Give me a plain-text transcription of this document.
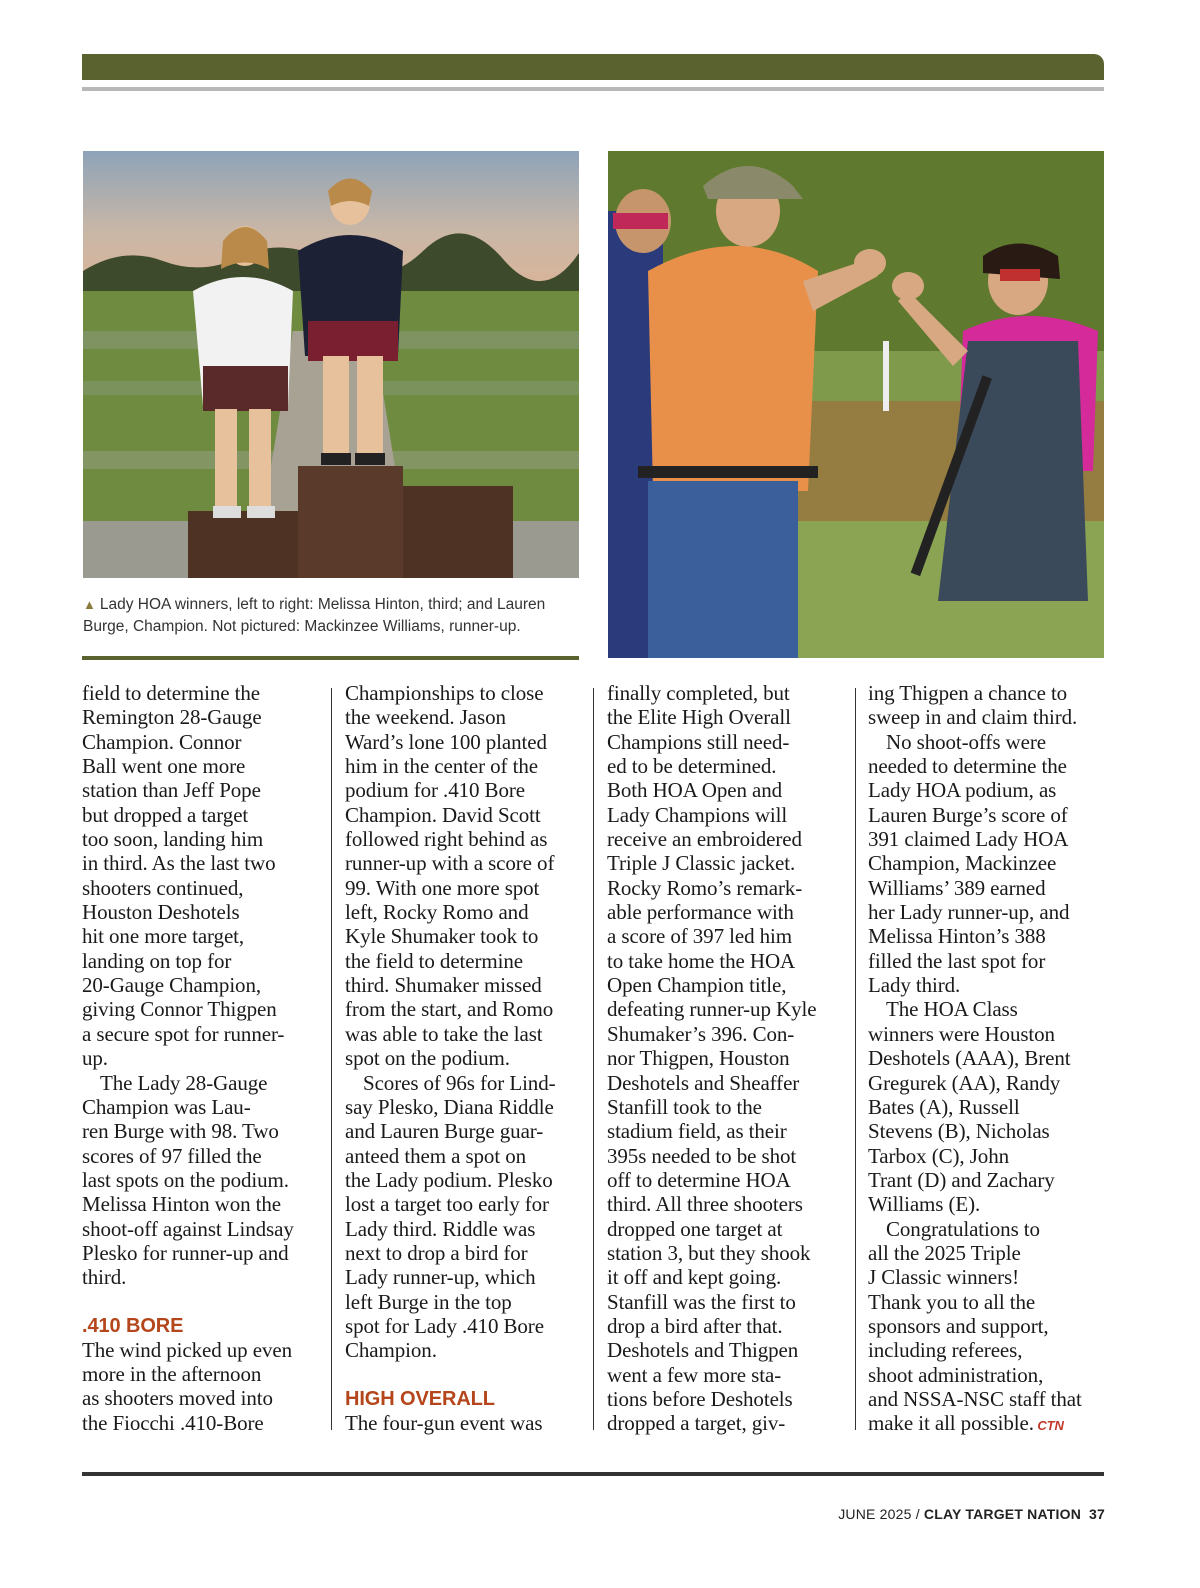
▲ Lady HOA winners, left to right: Melissa Hinton, third; and Lauren
Burge, Champion. Not pictured: Mackinzee Williams, runner-up.

field to determine the
Remington 28-Gauge
Champion. Connor
Ball went one more
station than Jeff Pope
but dropped a target
too soon, landing him
in third. As the last two
shooters continued,
Houston Deshotels
hit one more target,
landing on top for
20-Gauge Champion,
giving Connor Thigpen
a secure spot for runner-
up.

The Lady 28-Gauge
Champion was Lau-
ren Burge with 98. Two
scores of 97 filled the
last spots on the podium.
Melissa Hinton won the
shoot-off against Lindsay
Plesko for runner-up and
third.

.410 BORE

The wind picked up even
more in the afternoon
as shooters moved into
the Fiocchi .410-Bore

Championships to close
the weekend. Jason
Ward’s lone 100 planted
him in the center of the
podium for .410 Bore
Champion. David Scott
followed right behind as
runner-up with a score of
99. With one more spot
left, Rocky Romo and
Kyle Shumaker took to
the field to determine
third. Shumaker missed
from the start, and Romo
was able to take the last
spot on the podium.

Scores of 96s for Lind-
say Plesko, Diana Riddle
and Lauren Burge guar-
anteed them a spot on
the Lady podium. Plesko
lost a target too early for
Lady third. Riddle was
next to drop a bird for
Lady runner-up, which
left Burge in the top
spot for Lady .410 Bore
Champion.

HIGH OVERALL

The four-gun event was

finally completed, but
the Elite High Overall
Champions still need-
ed to be determined.
Both HOA Open and
Lady Champions will
receive an embroidered
Triple J Classic jacket.
Rocky Romo’s remark-
able performance with
a score of 397 led him
to take home the HOA
Open Champion title,
defeating runner-up Kyle
Shumaker’s 396. Con-
nor Thigpen, Houston
Deshotels and Sheaffer
Stanfill took to the
stadium field, as their
395s needed to be shot
off to determine HOA
third. All three shooters
dropped one target at
station 3, but they shook
it off and kept going.
Stanfill was the first to
drop a bird after that.
Deshotels and Thigpen
went a few more sta-
tions before Deshotels
dropped a target, giv-

ing Thigpen a chance to
sweep in and claim third.

No shoot-offs were
needed to determine the
Lady HOA podium, as
Lauren Burge’s score of
391 claimed Lady HOA
Champion, Mackinzee
Williams’ 389 earned
her Lady runner-up, and
Melissa Hinton’s 388
filled the last spot for
Lady third.

The HOA Class
winners were Houston
Deshotels (AAA), Brent
Gregurek (AA), Randy
Bates (A), Russell
Stevens (B), Nicholas
Tarbox (C), John
Trant (D) and Zachary
Williams (E).

Congratulations to
all the 2025 Triple
J Classic winners!
Thank you to all the
sponsors and support,
including referees,
shoot administration,
and NSSA-NSC staff that
make it all possible. CTN

JUNE 2025 / CLAY TARGET NATION 37
